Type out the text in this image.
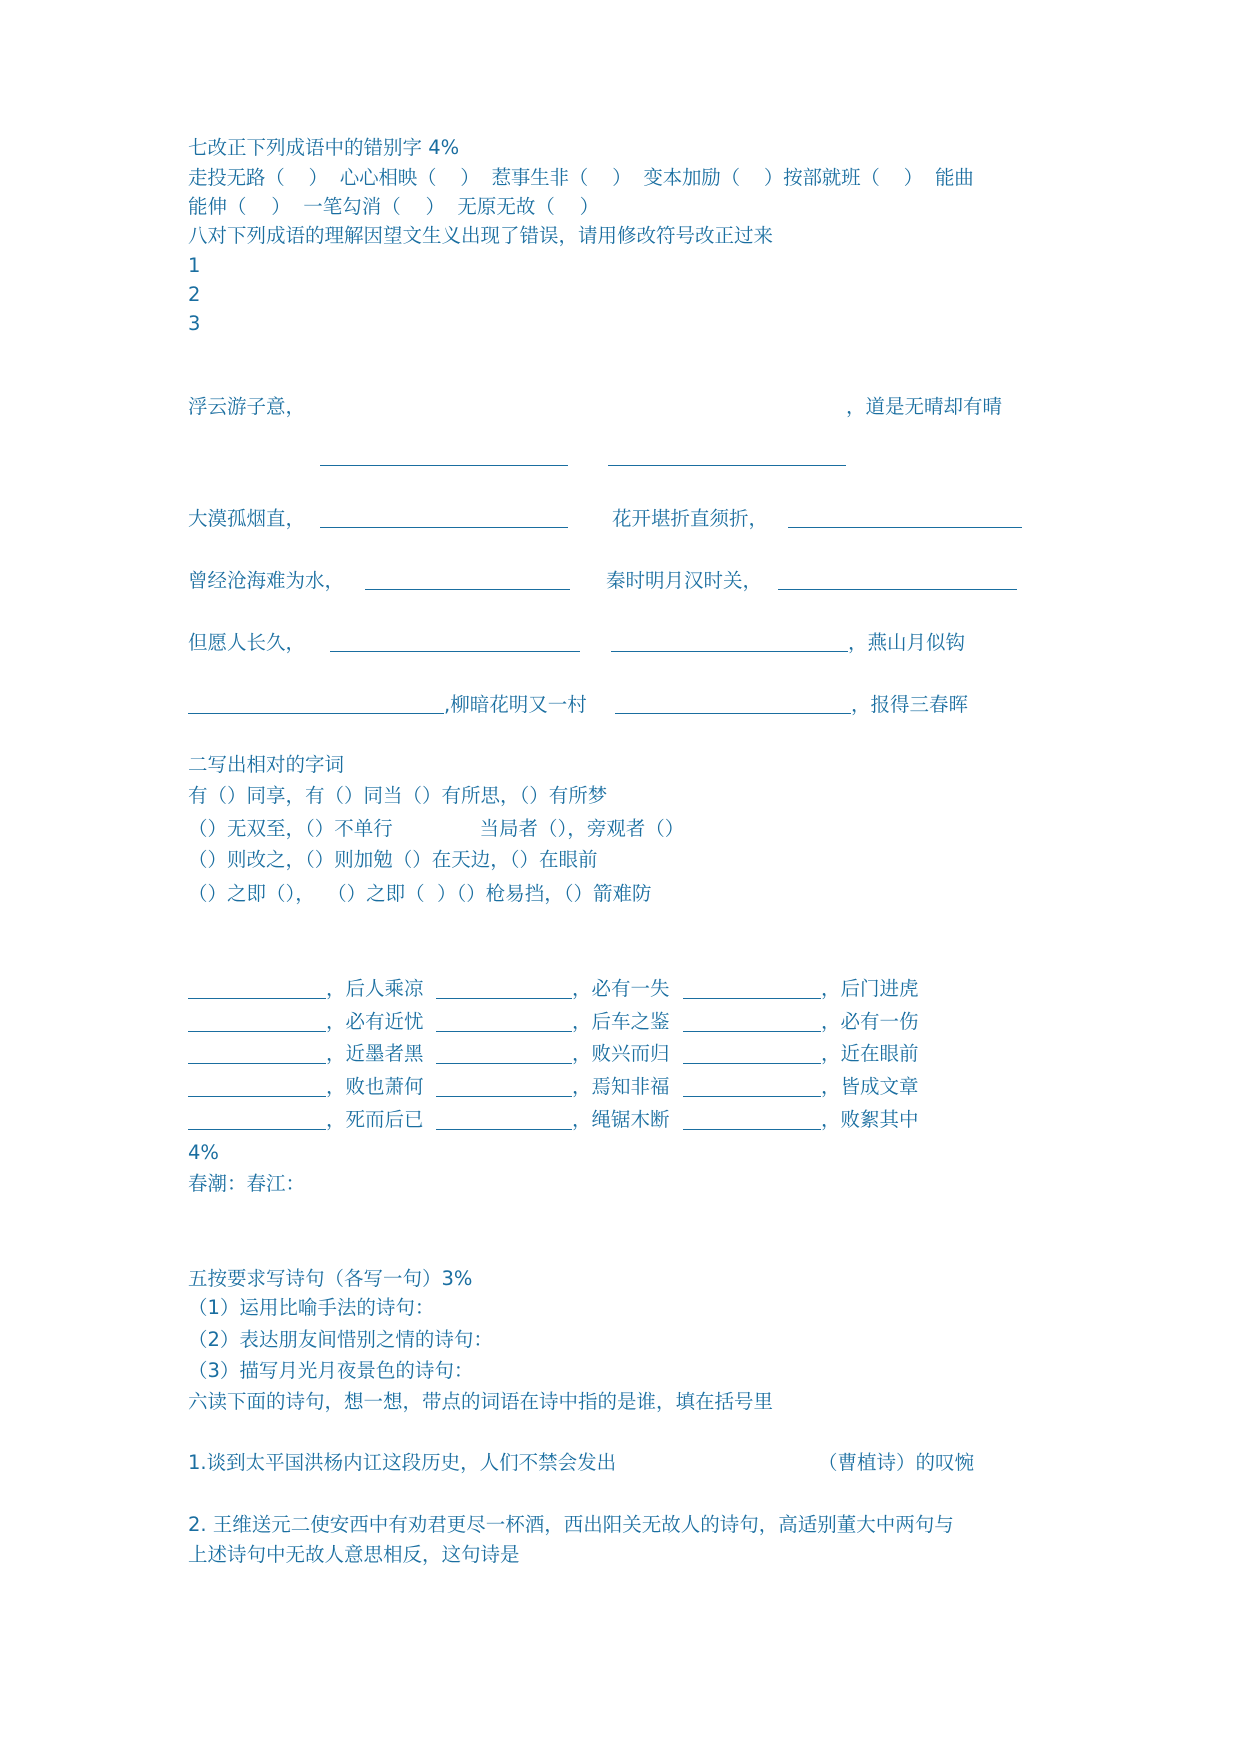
七改正下列成语中的错别字 4%
走投无路（    ）  心心相映（    ）  惹事生非（    ）  变本加励（    ）按部就班（    ）  能曲
能伸（    ）  一笔勾消（    ）  无原无故（    ）
八对下列成语的理解因望文生义出现了错误，请用修改符号改正过来
1
2
3
浮云游子意，	，道是无晴却有晴
大漠孤烟直，	花开堪折直须折，
曾经沧海难为水，	秦时明月汉时关，
但愿人长久，	，燕山月似钩
,柳暗花明又一村	，报得三春晖
二写出相对的字词
有（）同享，有（）同当（）有所思，（）有所梦
（）无双至，（）不单行              当局者（），旁观者（）
（）则改之，（）则加勉（）在天边，（）在眼前
（）之即（），  （）之即（  ）（）枪易挡，（）箭难防
，后人乘凉	，必有一失	，后门进虎
，必有近忧	，后车之鉴	，必有一伤
，近墨者黑	，败兴而归	，近在眼前
，败也萧何	，焉知非福	，皆成文章
，死而后已	，绳锯木断	，败絮其中
4%
春潮：春江：
五按要求写诗句（各写一句）3%
（1）运用比喻手法的诗句：
（2）表达朋友间惜别之情的诗句：
（3）描写月光月夜景色的诗句：
六读下面的诗句，想一想，带点的词语在诗中指的是谁，填在括号里
1.谈到太平国洪杨内讧这段历史，人们不禁会发出	（曹植诗）的叹惋
2. 王维送元二使安西中有劝君更尽一杯酒，西出阳关无故人的诗句，高适别董大中两句与
上述诗句中无故人意思相反，这句诗是
